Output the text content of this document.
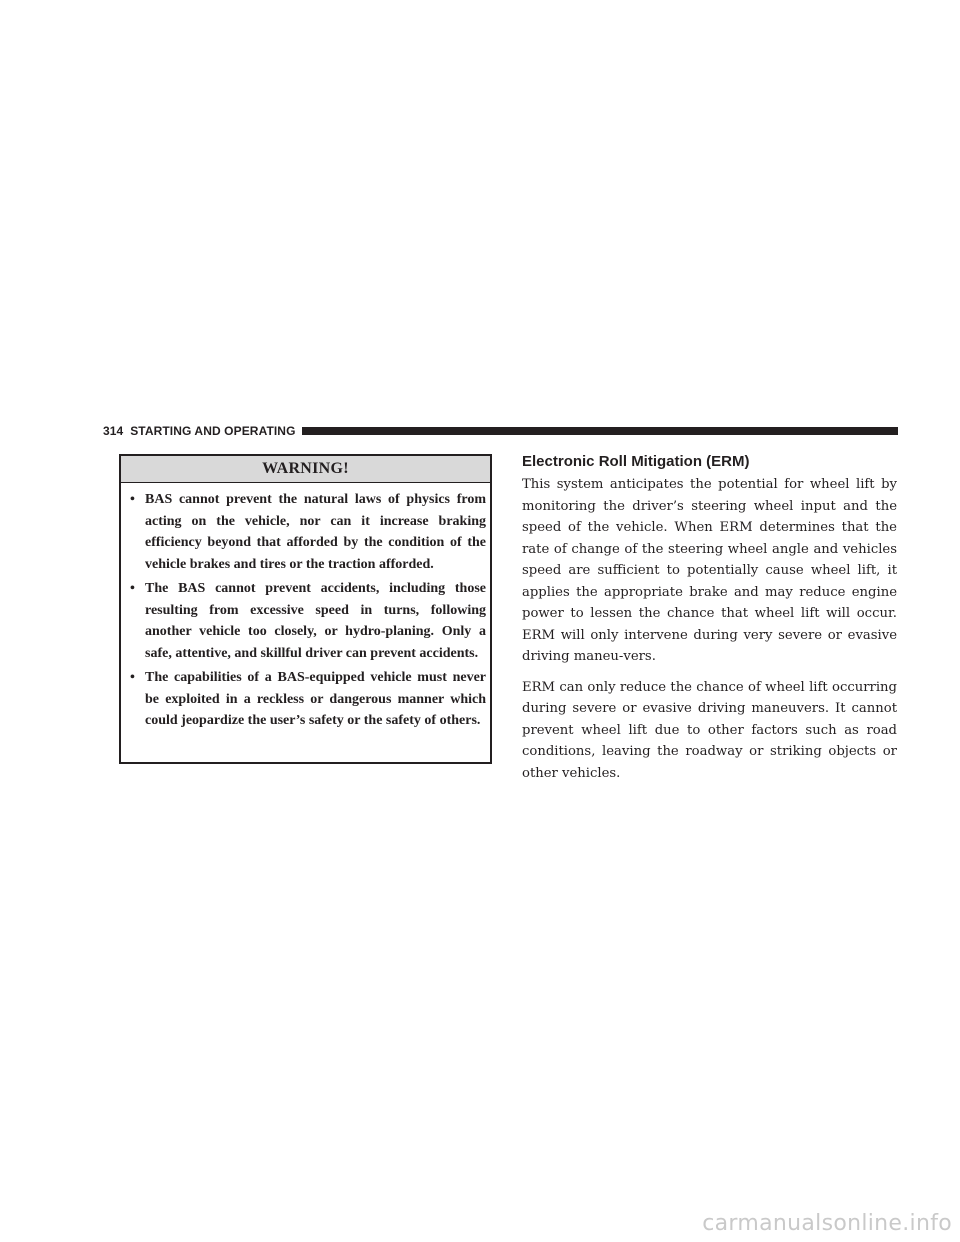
314 STARTING AND OPERATING
WARNING!
• BAS cannot prevent the natural laws of physics from acting on the vehicle, nor can it increase braking efficiency beyond that afforded by the condition of the vehicle brakes and tires or the traction afforded.
• The BAS cannot prevent accidents, including those resulting from excessive speed in turns, following another vehicle too closely, or hydro-planing. Only a safe, attentive, and skillful driver can prevent accidents.
• The capabilities of a BAS-equipped vehicle must never be exploited in a reckless or dangerous manner which could jeopardize the user’s safety or the safety of others.
Electronic Roll Mitigation (ERM)

This system anticipates the potential for wheel lift by monitoring the driver’s steering wheel input and the speed of the vehicle. When ERM determines that the rate of change of the steering wheel angle and vehicles speed are sufficient to potentially cause wheel lift, it applies the appropriate brake and may reduce engine power to lessen the chance that wheel lift will occur. ERM will only intervene during very severe or evasive driving maneu-vers.

ERM can only reduce the chance of wheel lift occurring during severe or evasive driving maneuvers. It cannot prevent wheel lift due to other factors such as road conditions, leaving the roadway or striking objects or other vehicles.

carmanualsonline.info
